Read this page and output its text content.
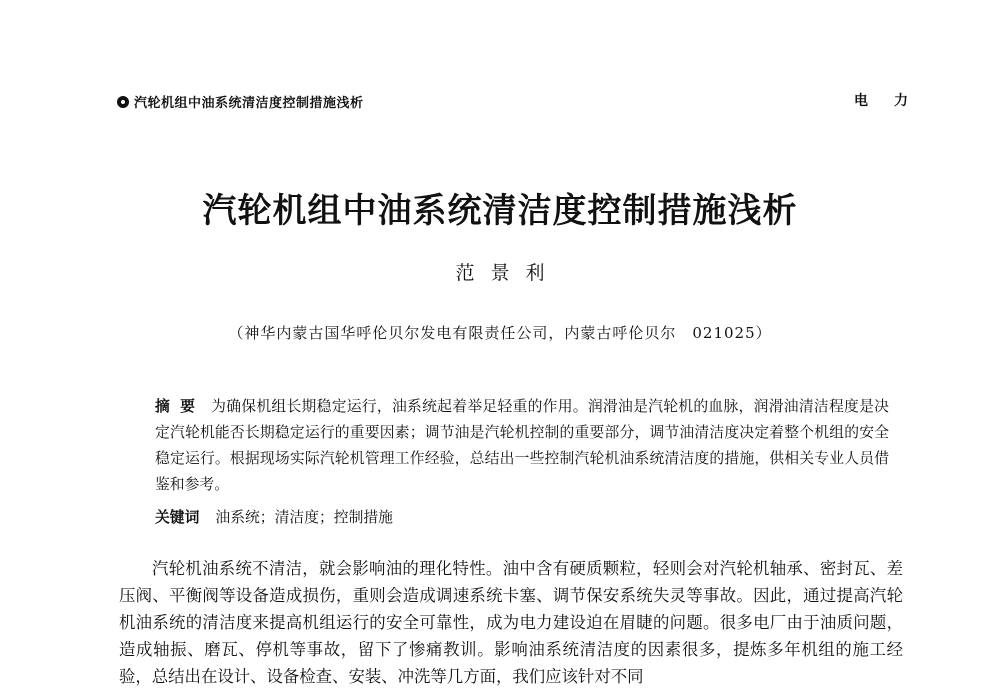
汽轮机组中油系统清洁度控制措施浅析	电力
汽轮机组中油系统清洁度控制措施浅析
范景利
（神华内蒙古国华呼伦贝尔发电有限责任公司，内蒙古呼伦贝尔　021025）
摘要 为确保机组长期稳定运行，油系统起着举足轻重的作用。润滑油是汽轮机的血脉，润滑油清洁程度是决定汽轮机能否长期稳定运行的重要因素；调节油是汽轮机控制的重要部分，调节油清洁度决定着整个机组的安全稳定运行。根据现场实际汽轮机管理工作经验，总结出一些控制汽轮机油系统清洁度的措施，供相关专业人员借鉴和参考。
关键词 油系统；清洁度；控制措施

汽轮机油系统不清洁，就会影响油的理化特性。油中含有硬质颗粒，轻则会对汽轮机轴承、密封瓦、差压阀、平衡阀等设备造成损伤，重则会造成调速系统卡塞、调节保安系统失灵等事故。因此，通过提高汽轮机油系统的清洁度来提高机组运行的安全可靠性，成为电力建设迫在眉睫的问题。很多电厂由于油质问题，造成轴振、磨瓦、停机等事故，留下了惨痛教训。影响油系统清洁度的因素很多，提炼多年机组的施工经验，总结出在设计、设备检查、安装、冲洗等几方面，我们应该针对不同
